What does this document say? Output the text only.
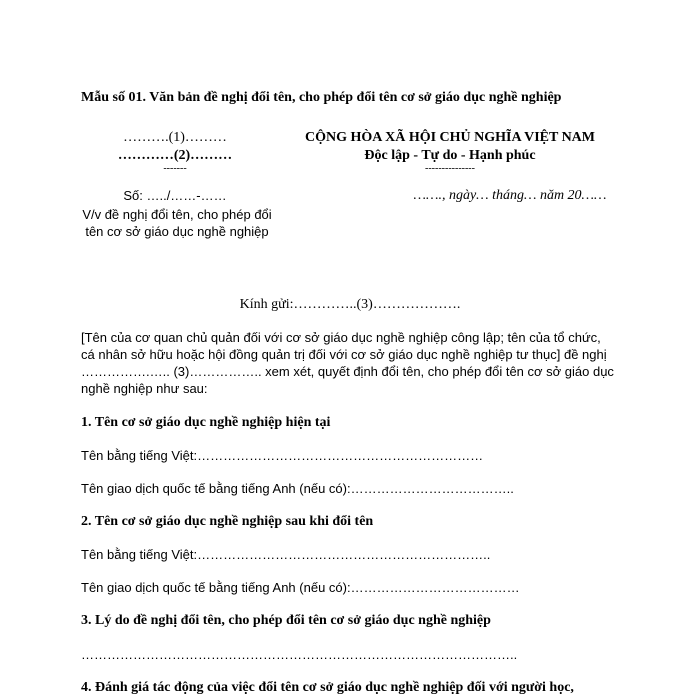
Mẫu số 01. Văn bản đề nghị đổi tên, cho phép đổi tên cơ sở giáo dục nghề nghiệp
……….(1)………
…………(2)………
-------
Số: …../……-……
V/v đề nghị đổi tên, cho phép đổi tên cơ sở giáo dục nghề nghiệp
CỘNG HÒA XÃ HỘI CHỦ NGHĨA VIỆT NAM
Độc lập - Tự do - Hạnh phúc
---------------
……., ngày… tháng… năm 20……
Kính gửi:…………..(3)……………….
[Tên của cơ quan chủ quản đối với cơ sở giáo dục nghề nghiệp công lập; tên của tổ chức, cá nhân sở hữu hoặc hội đồng quản trị đối với cơ sở giáo dục nghề nghiệp tư thục] đề nghị …………….….. (3)…………….. xem xét, quyết định đổi tên, cho phép đổi tên cơ sở giáo dục nghề nghiệp như sau:
1. Tên cơ sở giáo dục nghề nghiệp hiện tại
Tên bằng tiếng Việt:…………………………………………………………
Tên giao dịch quốc tế bằng tiếng Anh (nếu có):………………………………..
2. Tên cơ sở giáo dục nghề nghiệp sau khi đổi tên
Tên bằng tiếng Việt:…………………………………………………………..
Tên giao dịch quốc tế bằng tiếng Anh (nếu có):…………………………………
3. Lý do đề nghị đổi tên, cho phép đổi tên cơ sở giáo dục nghề nghiệp
………………………………………………………………………………………..
4. Đánh giá tác động của việc đổi tên cơ sở giáo dục nghề nghiệp đối với người học,
